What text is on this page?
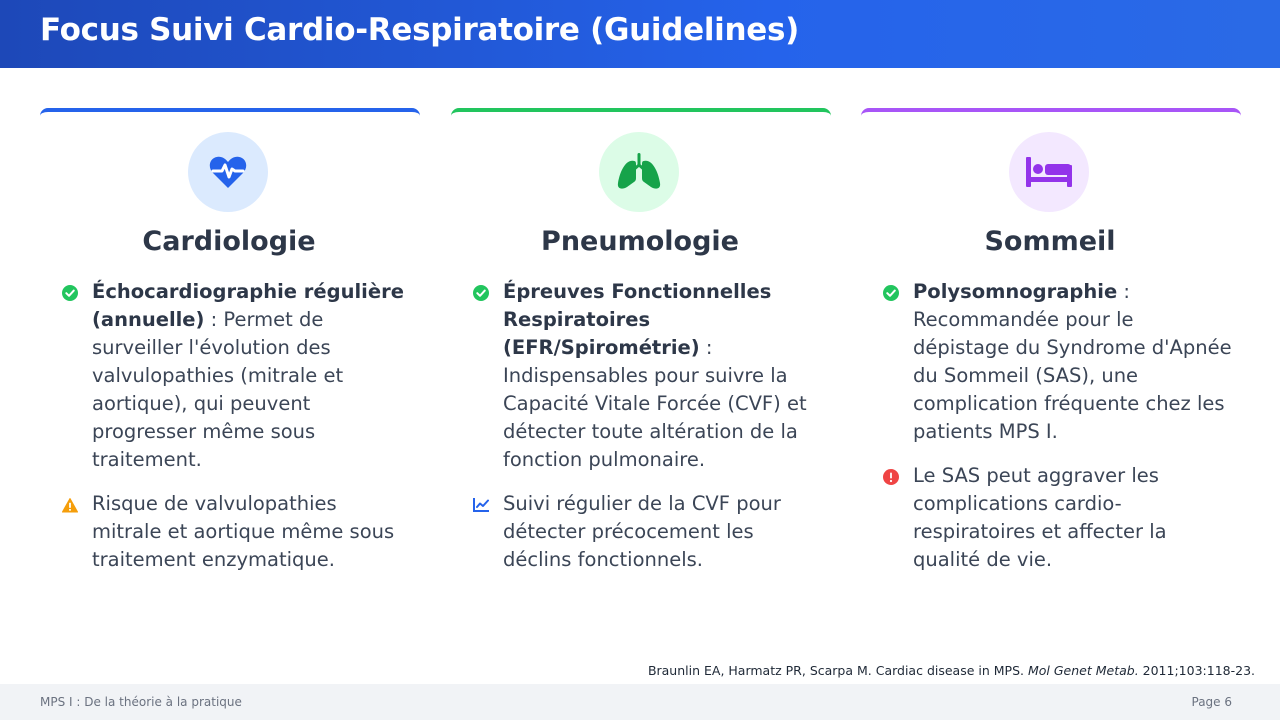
Focus Suivi Cardio-Respiratoire (Guidelines)
Cardiologie
Échocardiographie régulière (annuelle) : Permet de surveiller l'évolution des valvulopathies (mitrale et aortique), qui peuvent progresser même sous traitement.
Risque de valvulopathies mitrale et aortique même sous traitement enzymatique.
Pneumologie
Épreuves Fonctionnelles Respiratoires (EFR/Spirométrie) : Indispensables pour suivre la Capacité Vitale Forcée (CVF) et détecter toute altération de la fonction pulmonaire.
Suivi régulier de la CVF pour détecter précocement les déclins fonctionnels.
Sommeil
Polysomnographie : Recommandée pour le dépistage du Syndrome d'Apnée du Sommeil (SAS), une complication fréquente chez les patients MPS I.
Le SAS peut aggraver les complications cardio-respiratoires et affecter la qualité de vie.
Braunlin EA, Harmatz PR, Scarpa M. Cardiac disease in MPS. Mol Genet Metab. 2011;103:118-23.
MPS I : De la théorie à la pratique	Page 6
